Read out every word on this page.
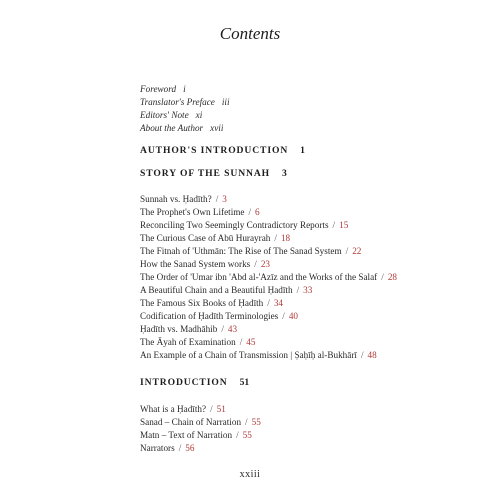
Contents
Foreword i
Translator's Preface iii
Editors' Note xi
About the Author xvii
AUTHOR'S INTRODUCTION 1
STORY OF THE SUNNAH 3
Sunnah vs. Ḥadīth? / 3
The Prophet's Own Lifetime / 6
Reconciling Two Seemingly Contradictory Reports / 15
The Curious Case of Abū Hurayrah / 18
The Fitnah of 'Uthmān: The Rise of The Sanad System / 22
How the Sanad System works / 23
The Order of 'Umar ibn 'Abd al-'Azīz and the Works of the Salaf / 28
A Beautiful Chain and a Beautiful Ḥadīth / 33
The Famous Six Books of Ḥadīth / 34
Codification of Ḥadīth Terminologies / 40
Ḥadīth vs. Madhāhib / 43
The Āyah of Examination / 45
An Example of a Chain of Transmission | Ṣaḥīḥ al-Bukhārī / 48
INTRODUCTION 51
What is a Ḥadīth? / 51
Sanad – Chain of Narration / 55
Matn – Text of Narration / 55
Narrators / 56
xxiii
